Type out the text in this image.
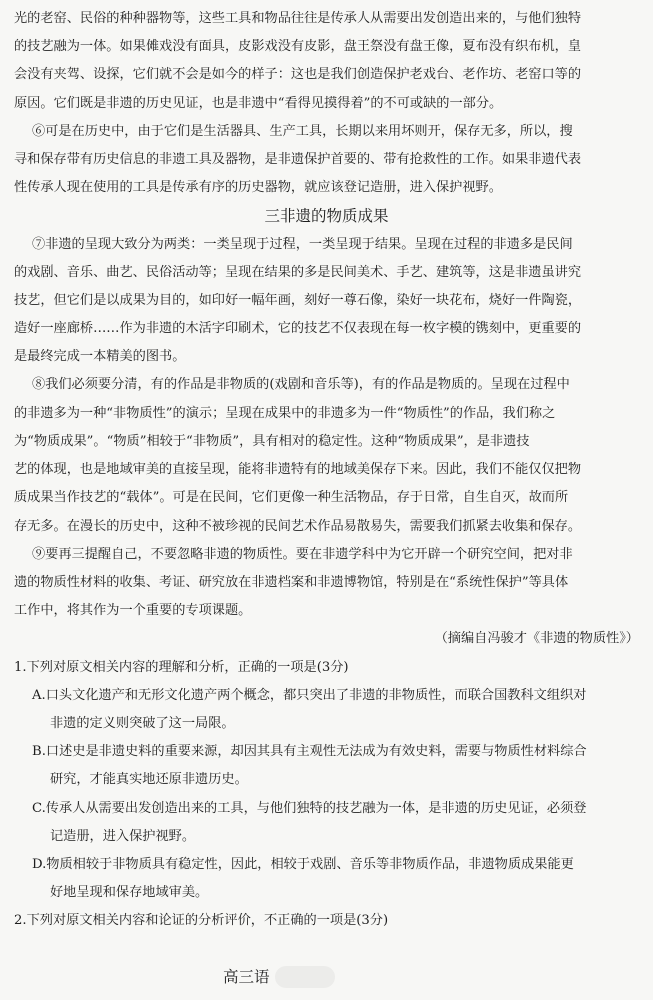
光的老窑、民俗的种种器物等，这些工具和物品往往是传承人从需要出发创造出来的，与他们独特
的技艺融为一体。如果傩戏没有面具，皮影戏没有皮影，盘王祭没有盘王像，夏布没有织布机，皇
会没有夹驾、设探，它们就不会是如今的样子：这也是我们创造保护老戏台、老作坊、老窑口等的
原因。它们既是非遗的历史见证，也是非遗中“看得见摸得着”的不可或缺的一部分。
⑥可是在历史中，由于它们是生活器具、生产工具，长期以来用坏则开，保存无多，所以，搜
寻和保存带有历史信息的非遗工具及器物，是非遗保护首要的、带有抢救性的工作。如果非遗代表
性传承人现在使用的工具是传承有序的历史器物，就应该登记造册，进入保护视野。
三非遗的物质成果
⑦非遗的呈现大致分为两类：一类呈现于过程，一类呈现于结果。呈现在过程的非遗多是民间
的戏剧、音乐、曲艺、民俗活动等；呈现在结果的多是民间美术、手艺、建筑等，这是非遗虽讲究
技艺，但它们是以成果为目的，如印好一幅年画，刻好一尊石像，染好一块花布，烧好一件陶瓷，
造好一座廊桥……作为非遗的木活字印刷术，它的技艺不仅表现在每一枚字模的镌刻中，更重要的
是最终完成一本精美的图书。
⑧我们必须要分清，有的作品是非物质的(戏剧和音乐等)，有的作品是物质的。呈现在过程中
的非遗多为一种“非物质性”的演示；呈现在成果中的非遗多为一件“物质性”的作品，我们称之
为“物质成果”。“物质”相较于“非物质”，具有相对的稳定性。这种“物质成果”，是非遗技
艺的体现，也是地域审美的直接呈现，能将非遗特有的地域美保存下来。因此，我们不能仅仅把物
质成果当作技艺的“载体”。可是在民间，它们更像一种生活物品，存于日常，自生自灭，故而所
存无多。在漫长的历史中，这种不被珍视的民间艺术作品易散易失，需要我们抓紧去收集和保存。
⑨要再三提醒自己，不要忽略非遗的物质性。要在非遗学科中为它开辟一个研究空间，把对非
遗的物质性材料的收集、考证、研究放在非遗档案和非遗博物馆，特别是在“系统性保护”等具体
工作中，将其作为一个重要的专项课题。
（摘编自冯骏才《非遗的物质性》）
1.下列对原文相关内容的理解和分析，正确的一项是(3分)
A.口头文化遗产和无形文化遗产两个概念，都只突出了非遗的非物质性，而联合国教科文组织对
非遗的定义则突破了这一局限。
B.口述史是非遗史料的重要来源，却因其具有主观性无法成为有效史料，需要与物质性材料综合
研究，才能真实地还原非遗历史。
C.传承人从需要出发创造出来的工具，与他们独特的技艺融为一体，是非遗的历史见证，必须登
记造册，进入保护视野。
D.物质相较于非物质具有稳定性，因此，相较于戏剧、音乐等非物质作品，非遗物质成果能更
好地呈现和保存地域审美。
2.下列对原文相关内容和论证的分析评价，不正确的一项是(3分)
高三语
